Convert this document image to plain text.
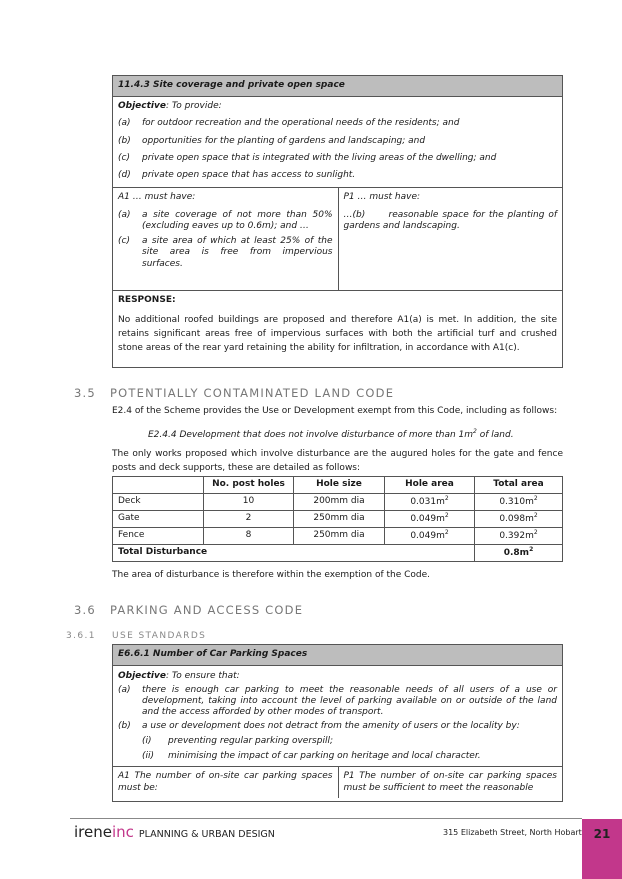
11.4.3 Site coverage and private open space
Objective: To provide:
(a)	for outdoor recreation and the operational needs of the residents; and
(b)	opportunities for the planting of gardens and landscaping; and
(c)	private open space that is integrated with the living areas of the dwelling; and
(d)	private open space that has access to sunlight.
A1 … must have:
(a)	a site coverage of not more than 50% (excluding eaves up to 0.6m); and …
(c)	a site area of which at least 25% of the site area is free from impervious surfaces.
P1 … must have:
…(b)      reasonable space for the planting of gardens and landscaping.
RESPONSE:
No additional roofed buildings are proposed and therefore A1(a) is met. In addition, the site retains significant areas free of impervious surfaces with both the artificial turf and crushed stone areas of the rear yard retaining the ability for infiltration, in accordance with A1(c).
3.5 POTENTIALLY CONTAMINATED LAND CODE
E2.4 of the Scheme provides the Use or Development exempt from this Code, including as follows:
E2.4.4 Development that does not involve disturbance of more than $1m^2$ of land.
The only works proposed which involve disturbance are the augured holes for the gate and fence posts and deck supports, these are detailed as follows:
	No. post holes	Hole size	Hole area	Total area
Deck	10	200mm dia	$0.031m^2$	$0.310m^2$
Gate	2	250mm dia	$0.049m^2$	$0.098m^2$
Fence	8	250mm dia	$0.049m^2$	$0.392m^2$
Total Disturbance				$0.8m^2$
The area of disturbance is therefore within the exemption of the Code.
3.6 PARKING AND ACCESS CODE
3.6.1 USE STANDARDS
E6.6.1 Number of Car Parking Spaces
Objective: To ensure that:
(a)	there is enough car parking to meet the reasonable needs of all users of a use or development, taking into account the level of parking available on or outside of the land and the access afforded by other modes of transport.
(b)	a use or development does not detract from the amenity of users or the locality by:
(i)	preventing regular parking overspill;
(ii)	minimising the impact of car parking on heritage and local character.
A1 The number of on-site car parking spaces must be:
P1 The number of on-site car parking spaces must be sufficient to meet the reasonable
irene inc PLANNING & URBAN DESIGN	315 Elizabeth Street, North Hobart 21
